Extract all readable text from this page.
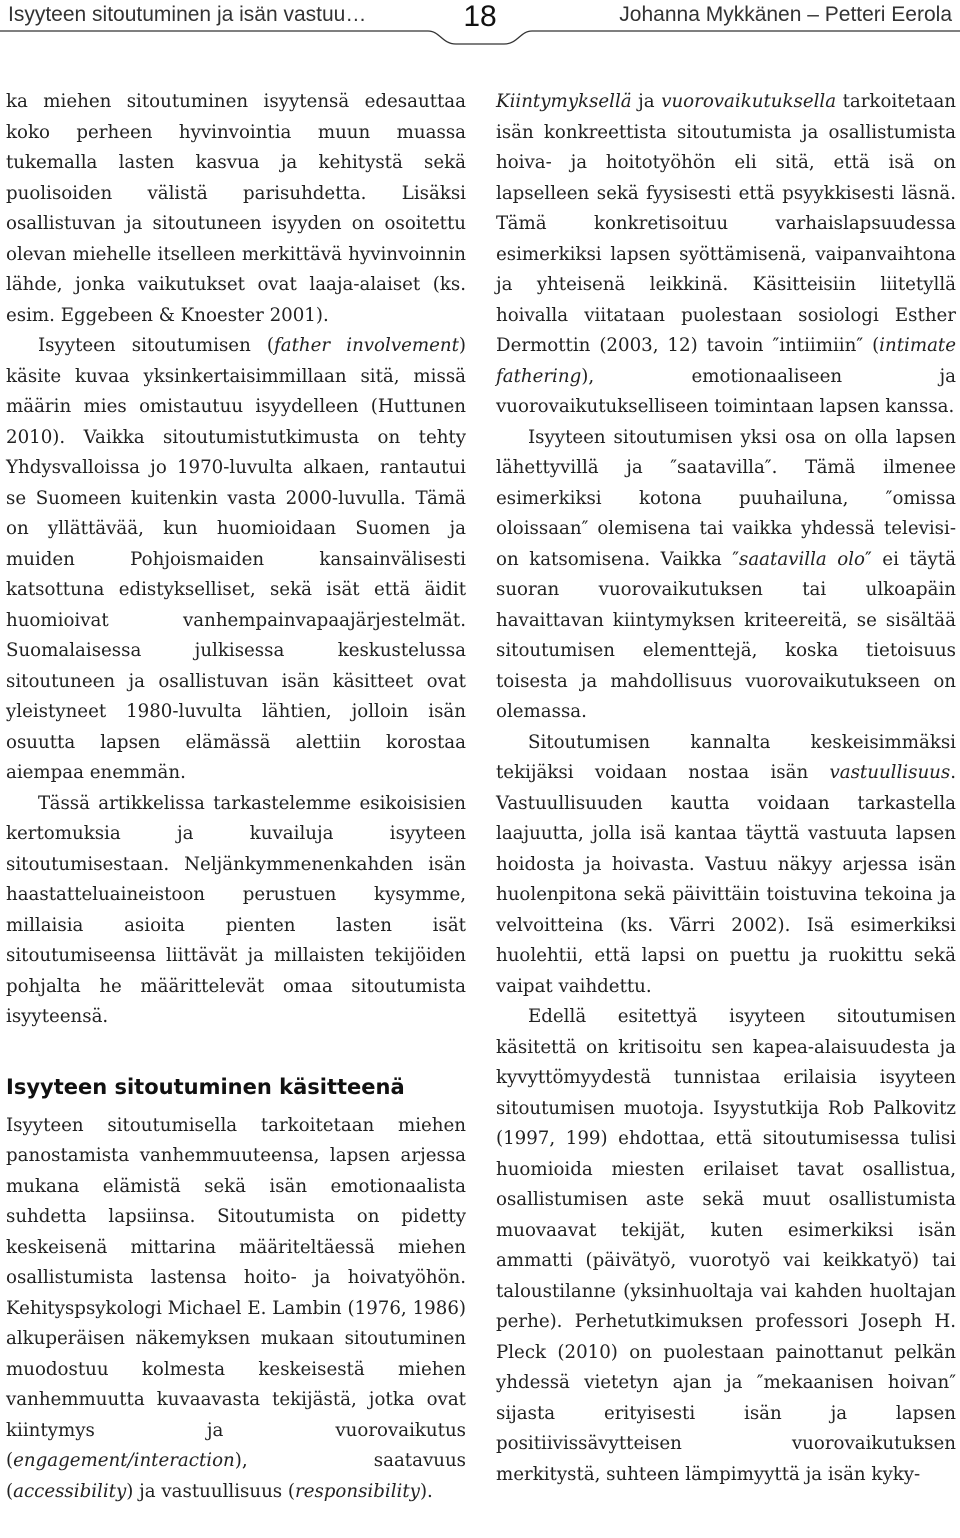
Isyyteen sitoutuminen ja isän vastuu…	18	Johanna Mykkänen – Petteri Eerola

ka miehen sitoutuminen isyytensä edesauttaa koko perheen hyvinvointia muun muassa tukemalla lasten kasvua ja kehitystä sekä puolisoiden välistä parisuhdetta. Lisäksi osallistuvan ja sitoutuneen isyyden on osoitettu olevan miehelle itselleen merkittävä hyvinvoinnin lähde, jonka vaikutukset ovat laaja-alaiset (ks. esim. Eggebeen & Knoester 2001).

Isyyteen sitoutumisen (father involvement) käsite kuvaa yksinkertaisimmillaan sitä, missä määrin mies omistautuu isyydelleen (Huttunen 2010). Vaikka sitoutumistutkimusta on tehty Yhdysvalloissa jo 1970-luvulta alkaen, rantautui se Suomeen kuitenkin vasta 2000-luvulla. Tämä on yllättävää, kun huomioidaan Suomen ja muiden Pohjoismaiden kansainvälisesti katsottuna edistykselliset, sekä isät että äidit huomioivat vanhempainvapaajärjestelmät. Suomalaisessa julkisessa keskustelussa sitoutuneen ja osallistuvan isän käsitteet ovat yleistyneet 1980-luvulta lähtien, jolloin isän osuutta lapsen elämässä alettiin korostaa aiempaa enemmän.

Tässä artikkelissa tarkastelemme esikoisisien kertomuksia ja kuvailuja isyyteen sitoutumisestaan. Neljänkymmenenkahden isän haastatteluaineistoon perustuen kysymme, millaisia asioita pienten lasten isät sitoutumiseensa liittävät ja millaisten tekijöiden pohjalta he määrittelevät omaa sitoutumista isyyteensä.

Isyyteen sitoutuminen käsitteenä

Isyyteen sitoutumisella tarkoitetaan miehen panostamista vanhemmuuteensa, lapsen arjessa mukana elämistä sekä isän emotionaalista suhdetta lapsiinsa. Sitoutumista on pidetty keskeisenä mittarina määriteltäessä miehen osallistumista lastensa hoito- ja hoivatyöhön. Kehityspsykologi Michael E. Lambin (1976, 1986) alkuperäisen näkemyksen mukaan sitoutuminen muodostuu kolmesta keskeisestä miehen vanhemmuutta kuvaavasta tekijästä, jotka ovat kiintymys ja vuorovaikutus (engagement/interaction), saatavuus (accessibility) ja vastuullisuus (responsibility).

Kiintymyksellä ja vuorovaikutuksella tarkoitetaan isän konkreettista sitoutumista ja osallistumista hoiva- ja hoitotyöhön eli sitä, että isä on lapselleen sekä fyysisesti että psyykkisesti läsnä. Tämä konkretisoituu varhaislapsuudessa esimerkiksi lapsen syöttämisenä, vaipanvaihtona ja yhteisenä leikkinä. Käsitteisiin liitetyllä hoivalla viitataan puolestaan sosiologi Esther Dermottin (2003, 12) tavoin ″intiimiin″ (intimate fathering), emotionaaliseen ja vuorovaikutukselliseen toimintaan lapsen kanssa.

Isyyteen sitoutumisen yksi osa on olla lapsen lähettyvillä ja ″saatavilla″. Tämä ilmenee esimerkiksi kotona puuhailuna, ″omissa oloissaan″ olemisena tai vaikka yhdessä television katsomisena. Vaikka ″saatavilla olo″ ei täytä suoran vuorovaikutuksen tai ulkoapäin havaittavan kiintymyksen kriteereitä, se sisältää sitoutumisen elementtejä, koska tietoisuus toisesta ja mahdollisuus vuorovaikutukseen on olemassa.

Sitoutumisen kannalta keskeisimmäksi tekijäksi voidaan nostaa isän vastuullisuus. Vastuullisuuden kautta voidaan tarkastella laajuutta, jolla isä kantaa täyttä vastuuta lapsen hoidosta ja hoivasta. Vastuu näkyy arjessa isän huolenpitona sekä päivittäin toistuvina tekoina ja velvoitteina (ks. Värri 2002). Isä esimerkiksi huolehtii, että lapsi on puettu ja ruokittu sekä vaipat vaihdettu.

Edellä esitettyä isyyteen sitoutumisen käsitettä on kritisoitu sen kapea-alaisuudesta ja kyvyttömyydestä tunnistaa erilaisia isyyteen sitoutumisen muotoja. Isyystutkija Rob Palkovitz (1997, 199) ehdottaa, että sitoutumisessa tulisi huomioida miesten erilaiset tavat osallistua, osallistumisen aste sekä muut osallistumista muovaavat tekijät, kuten esimerkiksi isän ammatti (päivätyö, vuorotyö vai keikkatyö) tai taloustilanne (yksinhuoltaja vai kahden huoltajan perhe). Perhetutkimuksen professori Joseph H. Pleck (2010) on puolestaan painottanut pelkän yhdessä vietetyn ajan ja ″mekaanisen hoivan″ sijasta erityisesti isän ja lapsen positiivissävytteisen vuorovaikutuksen merkitystä, suhteen lämpimyyttä ja isän kyky-
